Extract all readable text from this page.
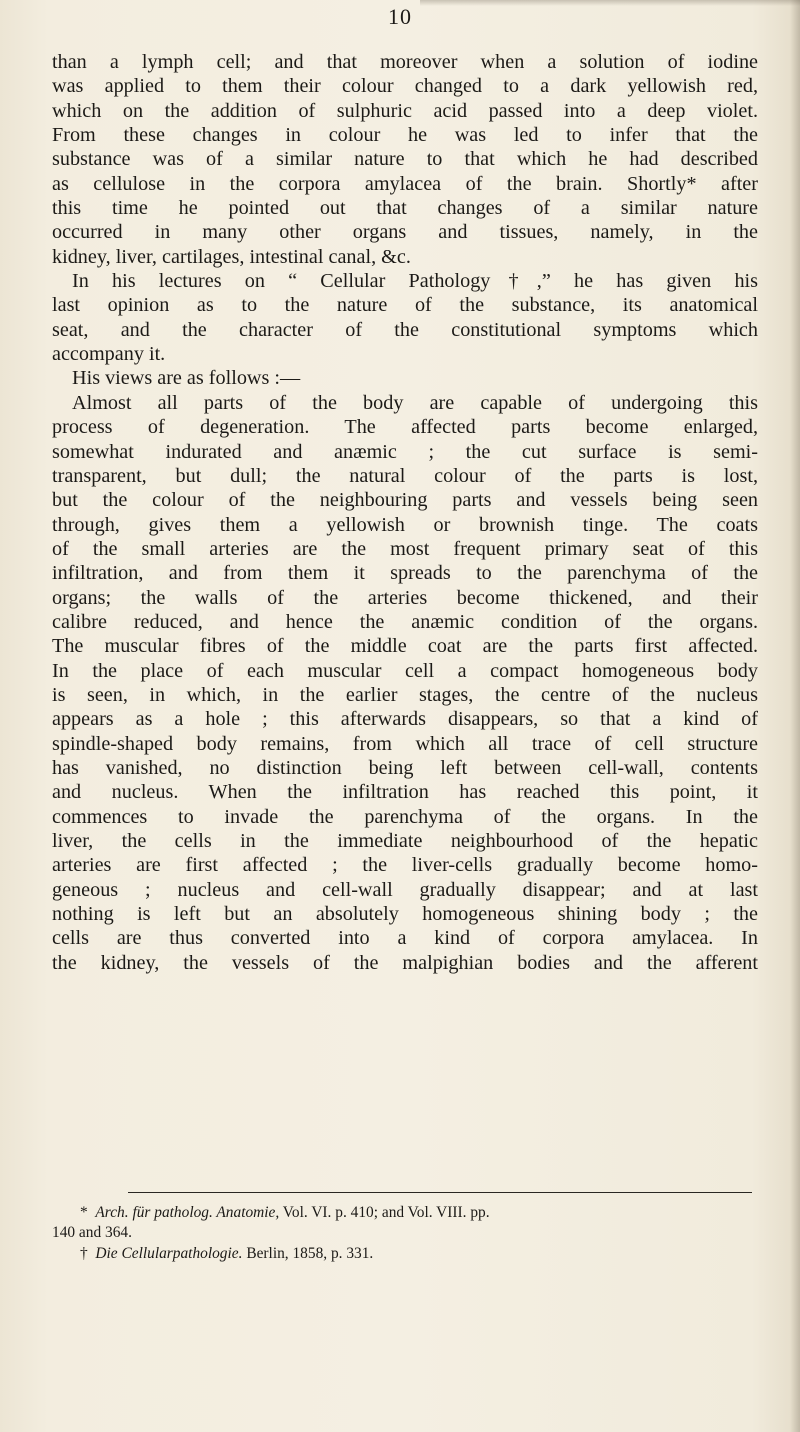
10
than a lymph cell; and that moreover when a solution of iodine
was applied to them their colour changed to a dark yellowish red,
which on the addition of sulphuric acid passed into a deep violet.
From these changes in colour he was led to infer that the
substance was of a similar nature to that which he had described
as cellulose in the corpora amylacea of the brain. Shortly* after
this time he pointed out that changes of a similar nature
occurred in many other organs and tissues, namely, in the
kidney, liver, cartilages, intestinal canal, &c.
In his lectures on “ Cellular Pathology†,” he has given his
last opinion as to the nature of the substance, its anatomical
seat, and the character of the constitutional symptoms which
accompany it.
His views are as follows :—
Almost all parts of the body are capable of undergoing this
process of degeneration. The affected parts become enlarged,
somewhat indurated and anæmic ; the cut surface is semi-
transparent, but dull; the natural colour of the parts is lost,
but the colour of the neighbouring parts and vessels being seen
through, gives them a yellowish or brownish tinge. The coats
of the small arteries are the most frequent primary seat of this
infiltration, and from them it spreads to the parenchyma of the
organs; the walls of the arteries become thickened, and their
calibre reduced, and hence the anæmic condition of the organs.
The muscular fibres of the middle coat are the parts first affected.
In the place of each muscular cell a compact homogeneous body
is seen, in which, in the earlier stages, the centre of the nucleus
appears as a hole ; this afterwards disappears, so that a kind of
spindle-shaped body remains, from which all trace of cell structure
has vanished, no distinction being left between cell-wall, contents
and nucleus. When the infiltration has reached this point, it
commences to invade the parenchyma of the organs. In the
liver, the cells in the immediate neighbourhood of the hepatic
arteries are first affected ; the liver-cells gradually become homo-
geneous ; nucleus and cell-wall gradually disappear; and at last
nothing is left but an absolutely homogeneous shining body ; the
cells are thus converted into a kind of corpora amylacea. In
the kidney, the vessels of the malpighian bodies and the afferent
* Arch. für patholog. Anatomie, Vol. VI. p. 410; and Vol. VIII. pp.
140 and 364.
† Die Cellularpathologie. Berlin, 1858, p. 331.
